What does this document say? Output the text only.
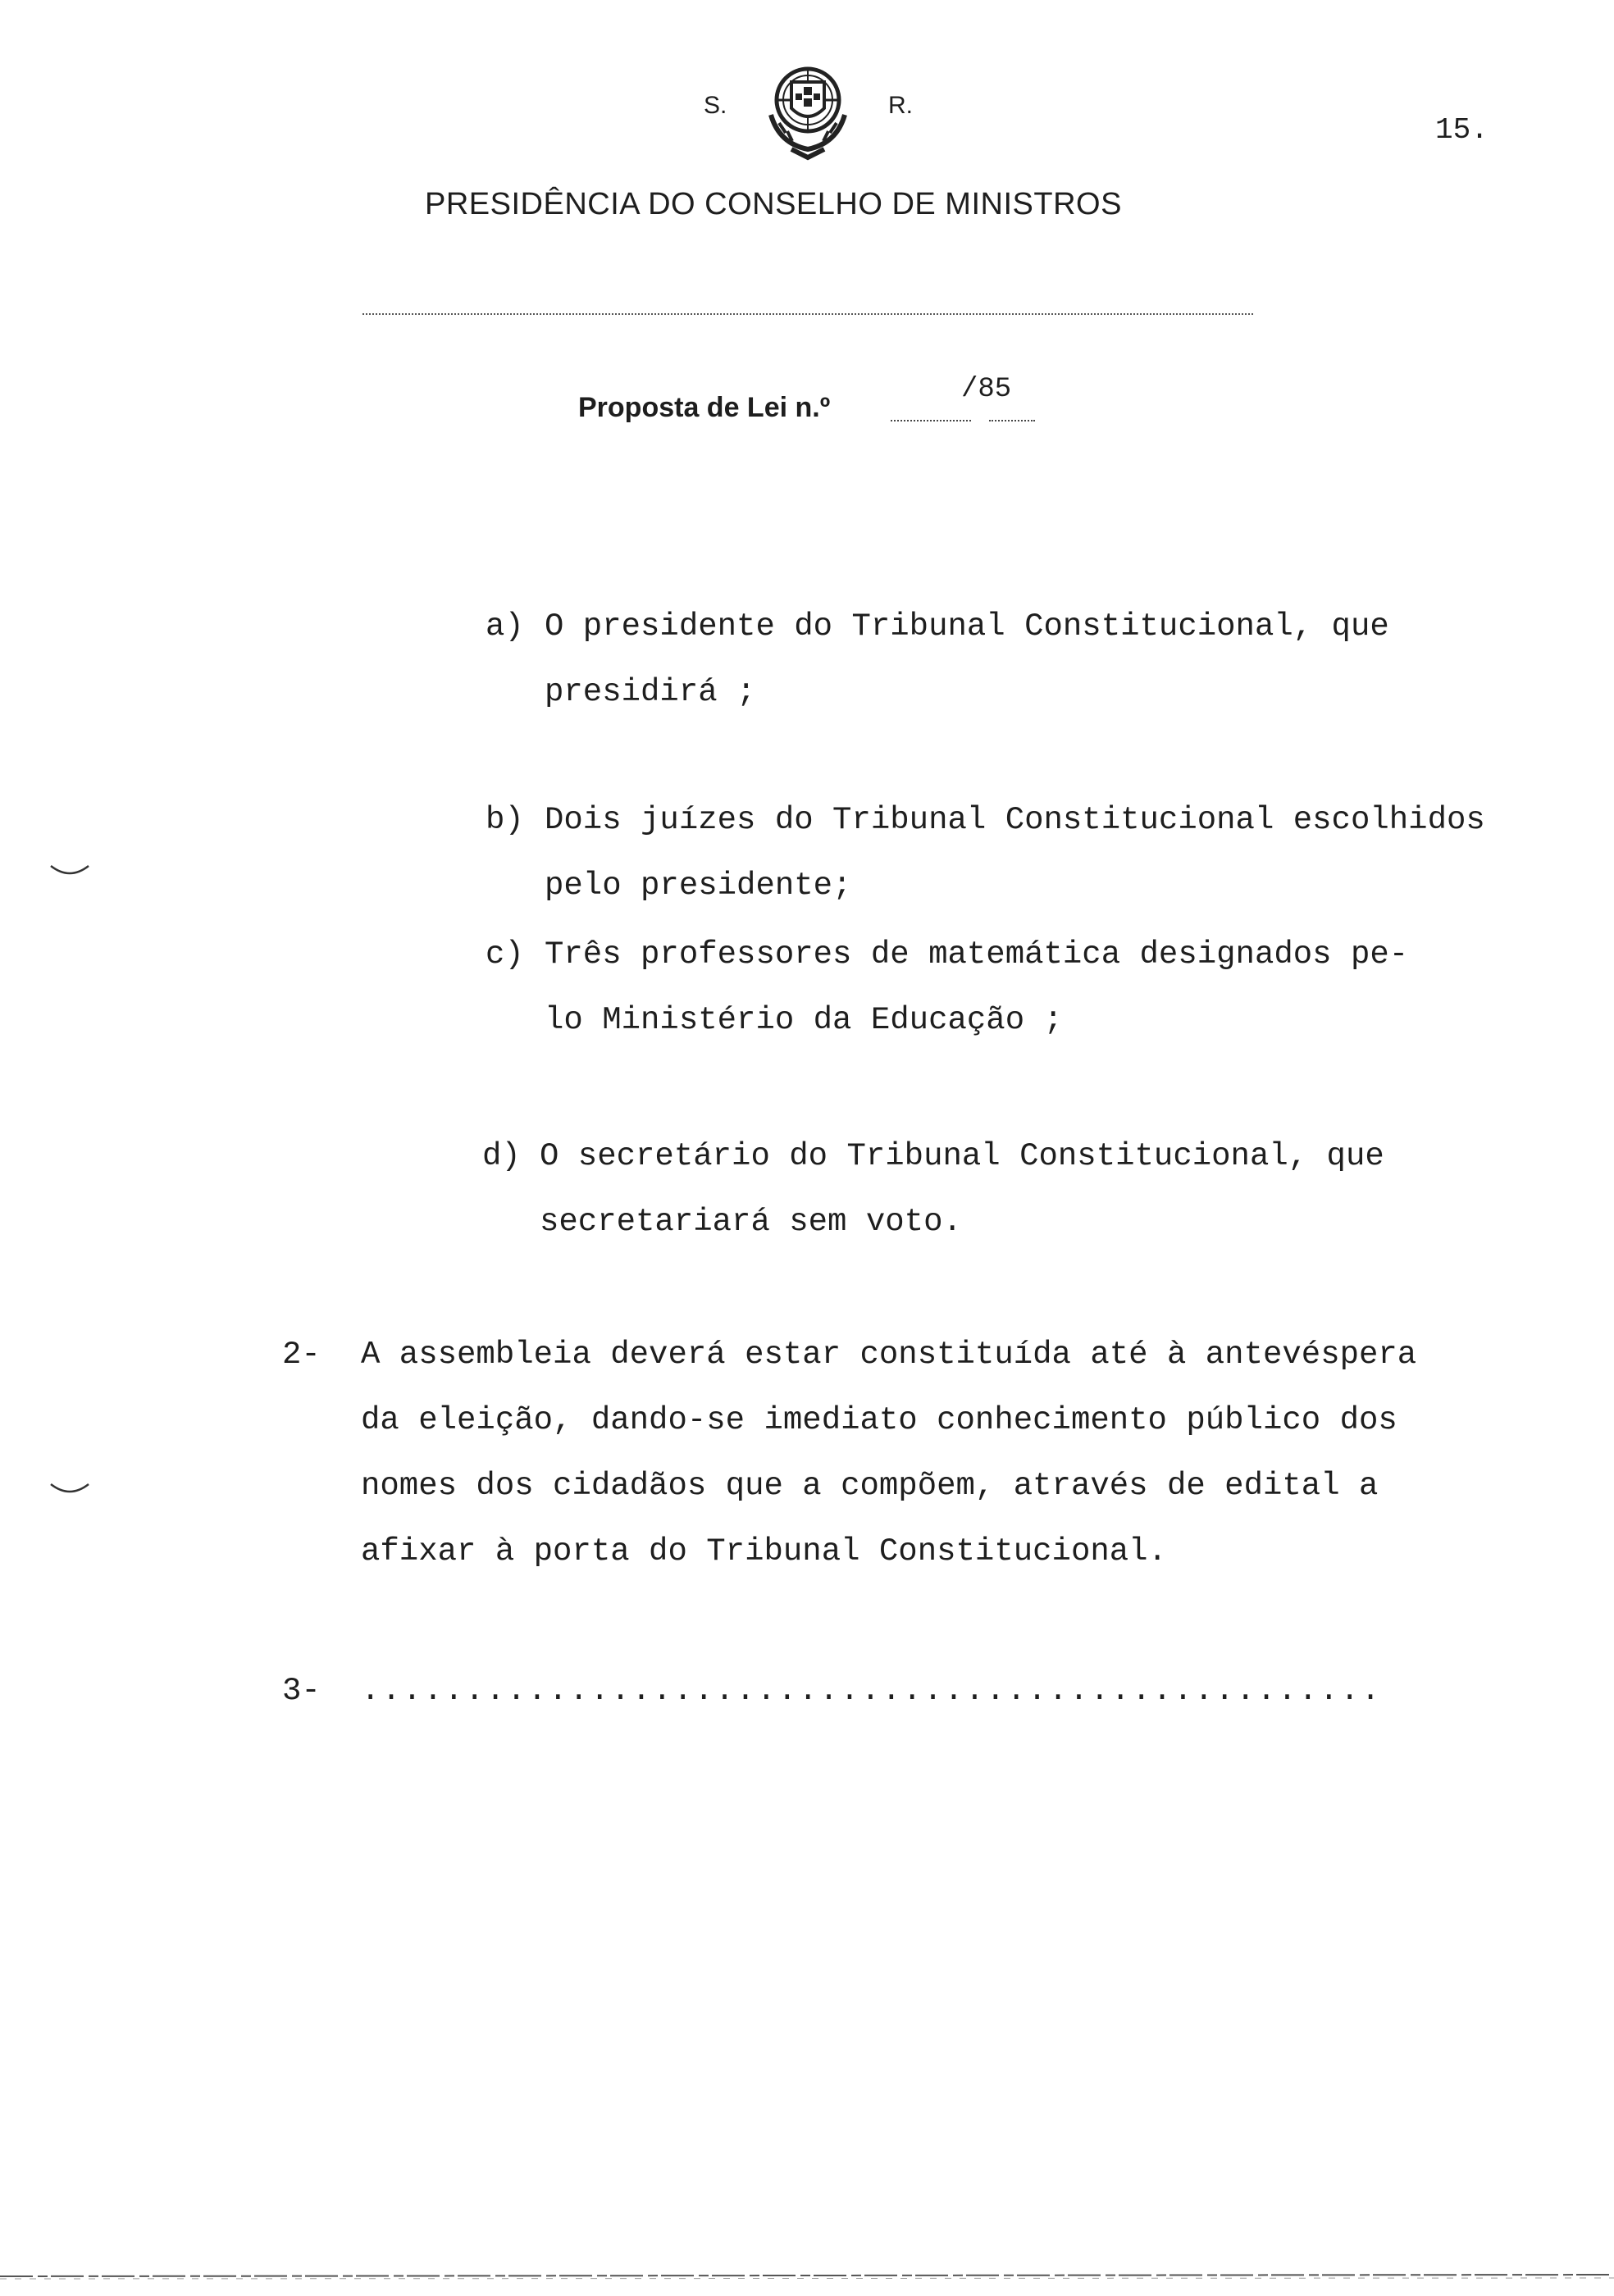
S.	R.
15.
PRESIDÊNCIA DO CONSELHO DE MINISTROS
Proposta de Lei n.º
/85
a) O presidente do Tribunal Constitucional, que
presidirá ;
b) Dois juízes do Tribunal Constitucional escolhidos
pelo presidente;
c) Três professores de matemática designados pe-
lo Ministério da Educação ;
d) O secretário do Tribunal Constitucional, que
secretariará sem voto.
2- A assembleia deverá estar constituída até à antevéspera
da eleição, dando-se imediato conhecimento público dos
nomes dos cidadãos que a compõem, através de edital a
afixar à porta do Tribunal Constitucional.
3- .................................................
